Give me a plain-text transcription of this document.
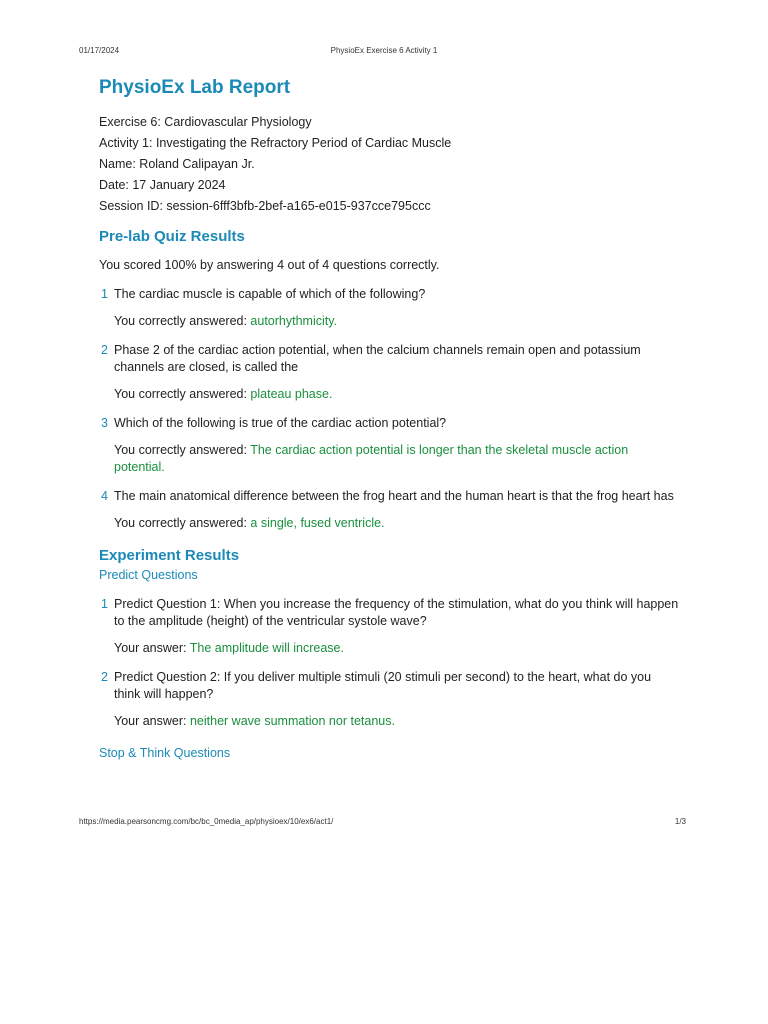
01/17/2024	PhysioEx Exercise 6 Activity 1
PhysioEx Lab Report
Exercise 6: Cardiovascular Physiology
Activity 1: Investigating the Refractory Period of Cardiac Muscle
Name: Roland Calipayan Jr.
Date: 17 January 2024
Session ID: session-6fff3bfb-2bef-a165-e015-937cce795ccc
Pre-lab Quiz Results
You scored 100% by answering 4 out of 4 questions correctly.
1 The cardiac muscle is capable of which of the following?
You correctly answered: autorhythmicity.
2 Phase 2 of the cardiac action potential, when the calcium channels remain open and potassium channels are closed, is called the
You correctly answered: plateau phase.
3 Which of the following is true of the cardiac action potential?
You correctly answered: The cardiac action potential is longer than the skeletal muscle action potential.
4 The main anatomical difference between the frog heart and the human heart is that the frog heart has
You correctly answered: a single, fused ventricle.
Experiment Results
Predict Questions
1 Predict Question 1: When you increase the frequency of the stimulation, what do you think will happen to the amplitude (height) of the ventricular systole wave?
Your answer: The amplitude will increase.
2 Predict Question 2: If you deliver multiple stimuli (20 stimuli per second) to the heart, what do you think will happen?
Your answer: neither wave summation nor tetanus.
Stop & Think Questions
https://media.pearsoncmg.com/bc/bc_0media_ap/physioex/10/ex6/act1/	1/3
